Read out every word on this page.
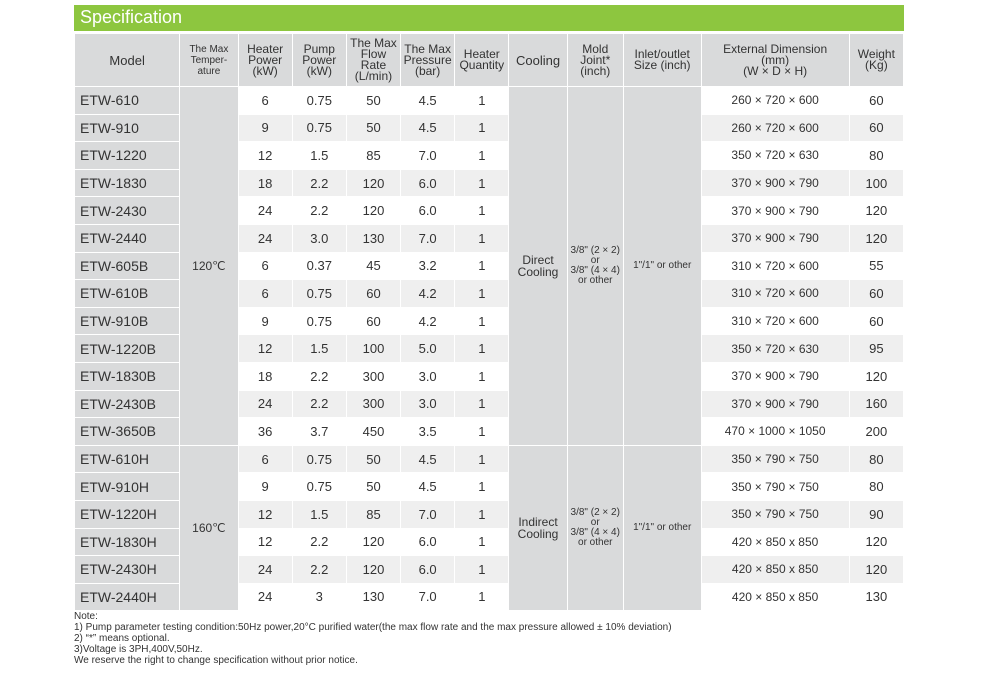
Specification
Model	The Max
Temper-
ature	Heater
Power
(kW)	Pump
Power
(kW)	The Max
Flow Rate
(L/min)	The Max
Pressure
(bar)	Heater
Quantity	Cooling	Mold
Joint*
(inch)	Inlet/outlet
Size (inch)	External Dimension
(mm)
(W × D × H)	Weight
(Kg)
ETW-610	120℃	6	0.75	50	4.5	1	Direct
Cooling	3/8" (2 × 2)
or
3/8" (4 × 4)
or other	1"/1" or other	260 × 720 × 600	60
ETW-910		9	0.75	50	4.5	1				260 × 720 × 600	60
ETW-1220		12	1.5	85	7.0	1				350 × 720 × 630	80
ETW-1830		18	2.2	120	6.0	1				370 × 900 × 790	100
ETW-2430		24	2.2	120	6.0	1				370 × 900 × 790	120
ETW-2440		24	3.0	130	7.0	1				370 × 900 × 790	120
ETW-605B		6	0.37	45	3.2	1				310 × 720 × 600	55
ETW-610B		6	0.75	60	4.2	1				310 × 720 × 600	60
ETW-910B		9	0.75	60	4.2	1				310 × 720 × 600	60
ETW-1220B		12	1.5	100	5.0	1				350 × 720 × 630	95
ETW-1830B		18	2.2	300	3.0	1				370 × 900 × 790	120
ETW-2430B		24	2.2	300	3.0	1				370 × 900 × 790	160
ETW-3650B		36	3.7	450	3.5	1				470 × 1000 × 1050	200
ETW-610H	160℃	6	0.75	50	4.5	1	Indirect
Cooling	3/8" (2 × 2)
or
3/8" (4 × 4)
or other	1"/1" or other	350 × 790 × 750	80
ETW-910H		9	0.75	50	4.5	1				350 × 790 × 750	80
ETW-1220H		12	1.5	85	7.0	1				350 × 790 × 750	90
ETW-1830H		12	2.2	120	6.0	1				420 × 850 x 850	120
ETW-2430H		24	2.2	120	6.0	1				420 × 850 x 850	120
ETW-2440H		24	3	130	7.0	1				420 × 850 x 850	130
Note:
1) Pump parameter testing condition:50Hz power,20°C purified water(the max flow rate and the max pressure allowed ± 10% deviation)
2) “*” means optional.
3)Voltage is 3PH,400V,50Hz.
We reserve the right to change specification without prior notice.
